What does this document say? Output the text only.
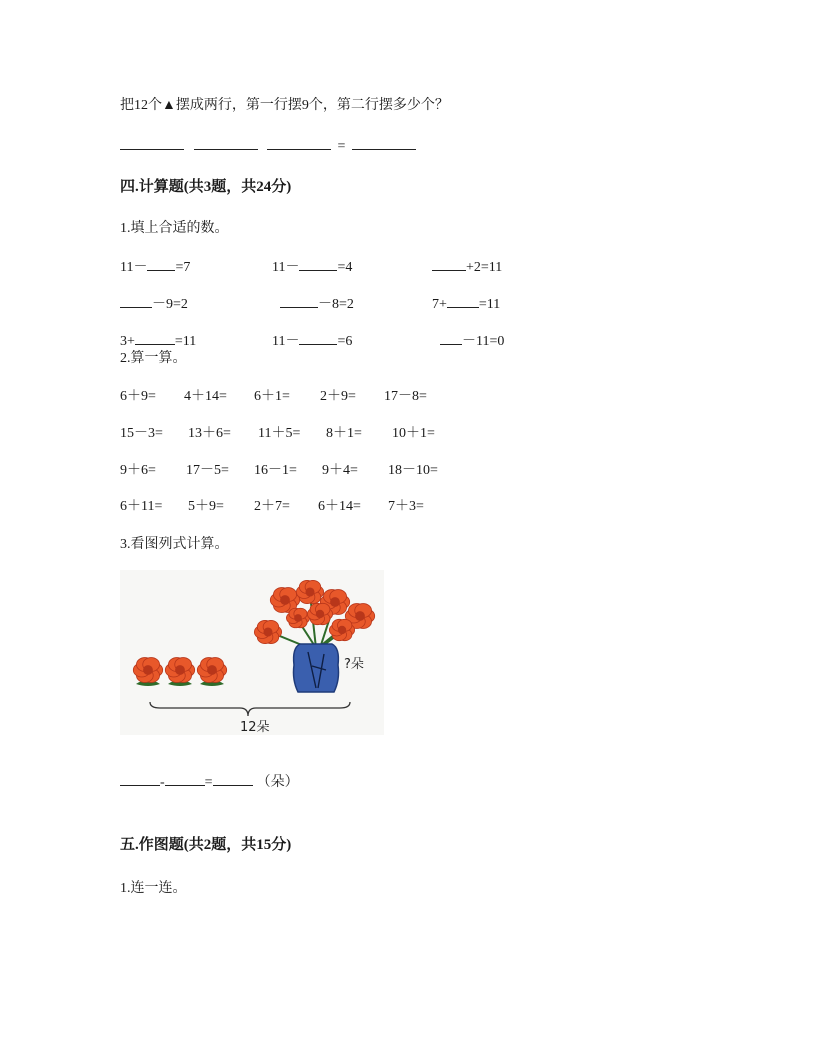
把12个▲摆成两行，第一行摆9个，第二行摆多少个？
=
四.计算题(共3题，共24分)
1.填上合适的数。
11－ =7	11－	=4	+2=11
－9=2	－8=2	7+ =11
3+	=11	11－	=6	－11=0
2.算一算。
6＋9= 4＋14= 6＋1= 2＋9= 17－8=
15－3= 13＋6= 11＋5= 8＋1= 10＋1=
9＋6= 17－5= 16－1= 9＋4= 18－10=
6＋11= 5＋9= 2＋7= 6＋14= 7＋3=
3.看图列式计算。
12朵
?朵
-	=	（朵）
五.作图题(共2题，共15分)
1.连一连。
